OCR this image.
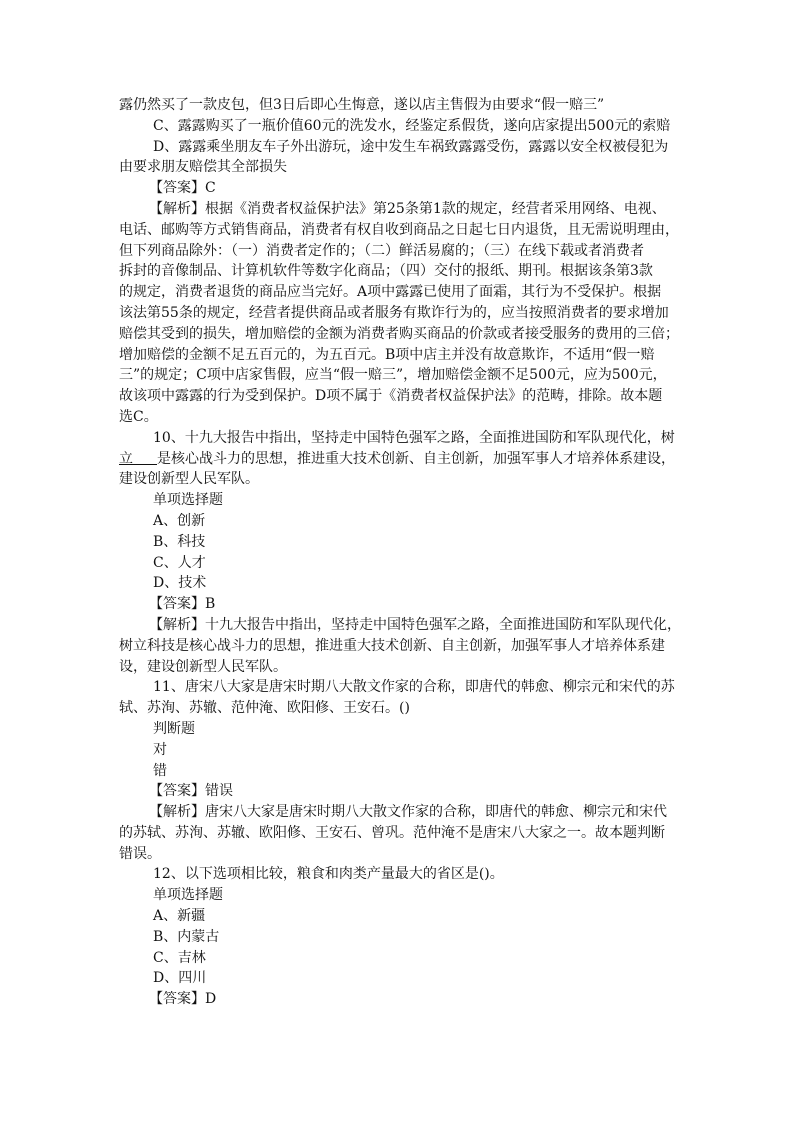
露仍然买了一款皮包，但3日后即心生悔意，遂以店主售假为由要求“假一赔三”
C、露露购买了一瓶价值60元的洗发水，经鉴定系假货，遂向店家提出500元的索赔
D、露露乘坐朋友车子外出游玩，途中发生车祸致露露受伤，露露以安全权被侵犯为
由要求朋友赔偿其全部损失
【答案】C
【解析】根据《消费者权益保护法》第25条第1款的规定，经营者采用网络、电视、
电话、邮购等方式销售商品，消费者有权自收到商品之日起七日内退货，且无需说明理由，
但下列商品除外：（一）消费者定作的；（二）鲜活易腐的；（三）在线下载或者消费者
拆封的音像制品、计算机软件等数字化商品；（四）交付的报纸、期刊。根据该条第3款
的规定，消费者退货的商品应当完好。A项中露露已使用了面霜，其行为不受保护。根据
该法第55条的规定，经营者提供商品或者服务有欺诈行为的，应当按照消费者的要求增加
赔偿其受到的损失，增加赔偿的金额为消费者购买商品的价款或者接受服务的费用的三倍；
增加赔偿的金额不足五百元的，为五百元。B项中店主并没有故意欺诈，不适用“假一赔
三”的规定；C项中店家售假，应当“假一赔三”，增加赔偿金额不足500元，应为500元，
故该项中露露的行为受到保护。D项不属于《消费者权益保护法》的范畴，排除。故本题
选C。
10、十九大报告中指出，坚持走中国特色强军之路，全面推进国防和军队现代化，树
立 是核心战斗力的思想，推进重大技术创新、自主创新，加强军事人才培养体系建设，
建设创新型人民军队。
单项选择题
A、创新
B、科技
C、人才
D、技术
【答案】B
【解析】十九大报告中指出，坚持走中国特色强军之路，全面推进国防和军队现代化，
树立科技是核心战斗力的思想，推进重大技术创新、自主创新，加强军事人才培养体系建
设，建设创新型人民军队。
11、唐宋八大家是唐宋时期八大散文作家的合称，即唐代的韩愈、柳宗元和宋代的苏
轼、苏洵、苏辙、范仲淹、欧阳修、王安石。()
判断题
对
错
【答案】错误
【解析】唐宋八大家是唐宋时期八大散文作家的合称，即唐代的韩愈、柳宗元和宋代
的苏轼、苏洵、苏辙、欧阳修、王安石、曾巩。范仲淹不是唐宋八大家之一。故本题判断
错误。
12、以下选项相比较，粮食和肉类产量最大的省区是()。
单项选择题
A、新疆
B、内蒙古
C、吉林
D、四川
【答案】D
